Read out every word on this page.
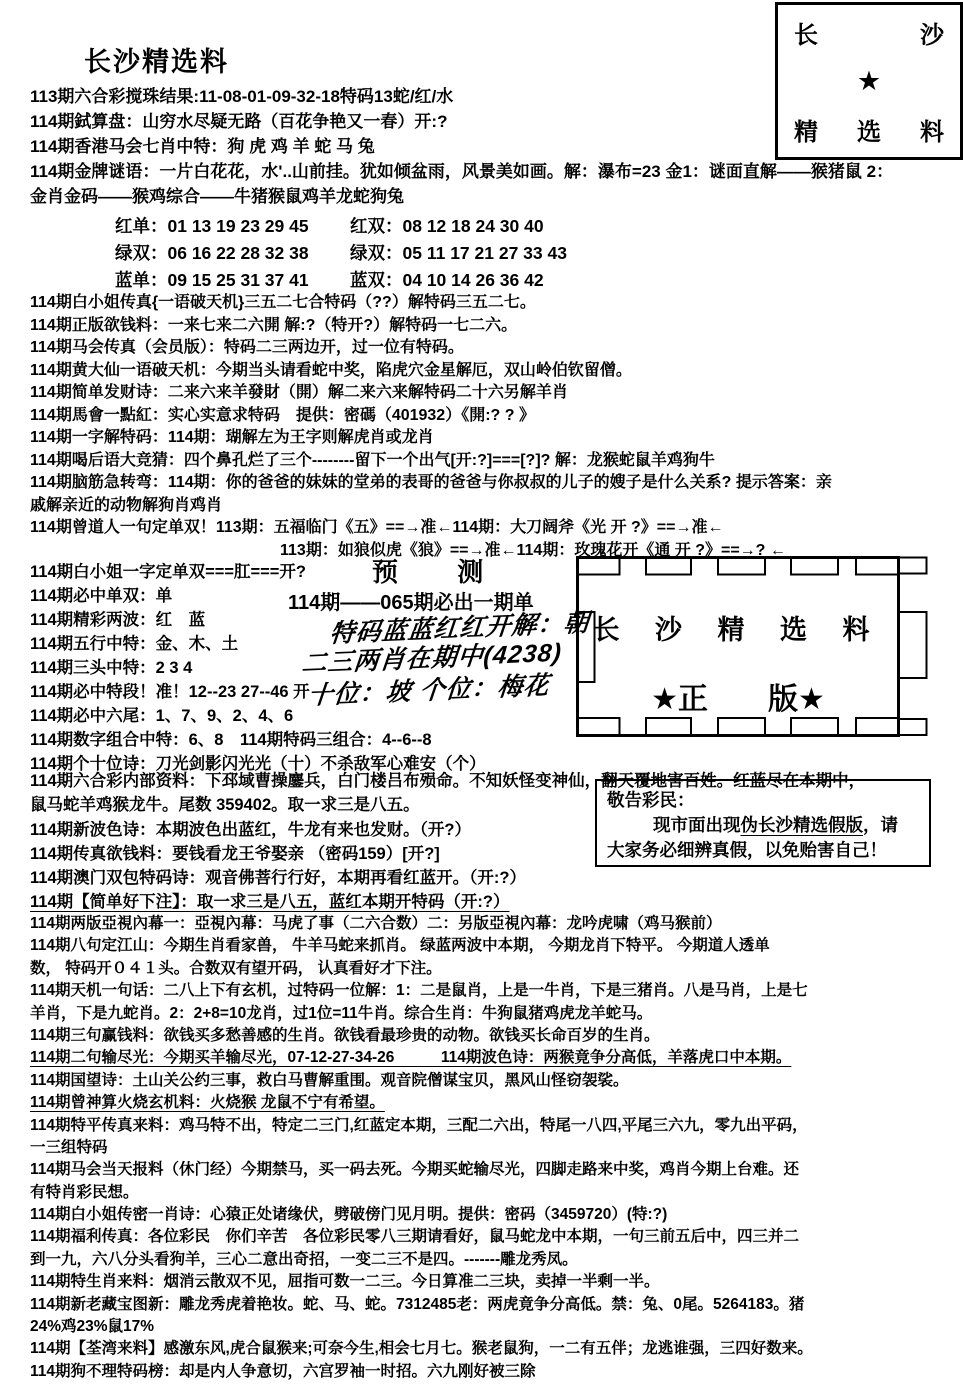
长	沙
★
精 选 料
长沙精选料
113期六合彩搅珠结果:11-08-01-09-32-18特码13蛇/红/水
114期鉽算盘：山穷水尽疑无路（百花争艳又一春）开:?
114期香港马会七肖中特：狗 虎 鸡 羊 蛇 马 兔
114期金牌谜语：一片白花花，水'..山前挂。犹如倾盆雨，风景美如画。解：瀑布=23 金1：谜面直解——猴猪鼠 2：
金肖金码——猴鸡综合——牛猪猴鼠鸡羊龙蛇狗兔
红单：01 13 19 23 29 45	红双：08 12 18 24 30 40
绿双：06 16 22 28 32 38	绿双：05 11 17 21 27 33 43
蓝单：09 15 25 31 37 41	蓝双：04 10 14 26 36 42
114期白小姐传真{一语破天机}三五二七合特码（??）解特码三五二七。
114期正版欲钱料：一来七来二六開 解:?（特开?）解特码一七二六。
114期马会传真（会员版）：特码二三两边开，过一位有特码。
114期黄大仙一语破天机：今期当头请看蛇中奖，陷虎穴金星解厄，双山岭伯钦留僧。
114期简单发财诗：二来六来羊發財（開）解二来六来解特码二十六另解羊肖
114期馬會一點紅：实心实意求特码　提供：密碼（401932）《開:? ? 》
114期一字解特码：114期：瑚解左为王字则解虎肖或龙肖
114期喝后语大竞猜：四个鼻孔烂了三个--------留下一个出气[开:?]===[?]? 解：龙猴蛇鼠羊鸡狗牛
114期脑筋急转弯：114期：你的爸爸的妹妹的堂弟的表哥的爸爸与你叔叔的儿子的嫂子是什么关系? 提示答案：亲
戚解亲近的动物解狗肖鸡肖
114期曾道人一句定单双！113期：五福临门《五》==→准←114期：大刀阔斧《光 开 ?》==→准←
113期：如狼似虎《狼》==→准←114期：玫瑰花开《通 开 ?》==→? ←
114期白小姐一字定单双===肛===开?
114期必中单双：单
114期精彩两波：红　蓝
114期五行中特：金、木、土
114期三头中特：2 3 4
114期必中特段！准！12--23 27--46 开
114期必中六尾：1、7、9、2、4、6
114期数字组合中特：6、8　114期特码三组合：4--6--8
114期个十位诗：刀光剑影闪光光（十）不杀敌军心难安（个）
预 测
114期——065期必出一期单
特码蓝蓝红红开解：朝
二三两肖在期中(4238)
十位：坡 个位：梅花
长 沙 精 选 料
★正　　版★
114期六合彩内部资料：下邳域曹操鏖兵，白门楼吕布殒命。不知妖怪变神仙，翻天覆地害百姓。红蓝尽在本期中，
鼠马蛇羊鸡猴龙牛。尾数 359402。取一求三是八五。
114期新波色诗：本期波色出蓝红，牛龙有来也发财。（开?）
114期传真欲钱料：要钱看龙王爷娶亲 （密码159）[开?]
114期澳门双包特码诗：观音佛菩行行好，本期再看红蓝开。（开:?）
114期【简单好下注】：取一求三是八五，蓝红本期开特码（开:?）
敬告彩民：
现市面出现伪长沙精选假版，请
大家务必细辨真假，以免贻害自己！
114期两版亞視內幕一：亞視內幕：马虎了事（二六合数）二：另版亞視內幕：龙吟虎啸（鸡马猴前）
114期八句定江山：今期生肖看家兽， 牛羊马蛇来抓肖。 绿蓝两波中本期， 今期龙肖下特平。 今期道人透单
数， 特码开０４１头。合数双有望开码， 认真看好才下注。
114期天机一句话：二八上下有玄机，过特码一位解：1：二是鼠肖，上是一牛肖，下是三猪肖。八是马肖，上是七
羊肖，下是九蛇肖。2：2+8=10龙肖，过1位=11牛肖。综合生肖：牛狗鼠猪鸡虎龙羊蛇马。
114期三句赢钱料：欲钱买多愁善感的生肖。欲钱看最珍贵的动物。欲钱买长命百岁的生肖。
114期二句输尽光：今期买羊输尽光，07-12-27-34-26　　　114期波色诗：两猴竟争分高低，羊落虎口中本期。
114期国望诗：土山关公约三事，救白马曹解重围。观音院僧谋宝贝，黑风山怪窃袈裟。
114期曾神算火烧玄机料：火烧猴 龙鼠不宁有希望。
114期特平传真来料：鸡马特不出，特定二三门,红蓝定本期，三配二六出，特尾一八四,平尾三六九，零九出平码，
一三组特码
114期马会当天报料（休门经）今期禁马，买一码去死。今期买蛇输尽光，四脚走路来中奖，鸡肖今期上台难。还
有特肖彩民想。
114期白小姐传密一肖诗：心猿正处诸缘伏，劈破傍门见月明。提供：密码（3459720）(特:?)
114期福利传真：各位彩民　你们辛苦　各位彩民零八三期请看好，鼠马蛇龙中本期，一句三前五后中，四三并二
到一九，六八分头看狗羊，三心二意出奇招，一变二三不是四。-------雕龙秀凤。
114期特生肖来料：烟消云散双不见，屈指可数一二三。今日算准二三块，卖掉一半剩一半。
114期新老藏宝图新：雕龙秀虎着艳妆。蛇、马、蛇。7312485老：两虎竟争分高低。禁：兔、0尾。5264183。猪
24%鸡23%鼠17%
114期【荃湾来料】感激东风,虎合鼠猴来;可奈今生,相会七月七。猴老鼠狗，一二有五伴；龙逃谁强，三四好数来。
114期狗不理特码榜：却是内人争意切，六宫罗袖一时招。六九刚好被三除
